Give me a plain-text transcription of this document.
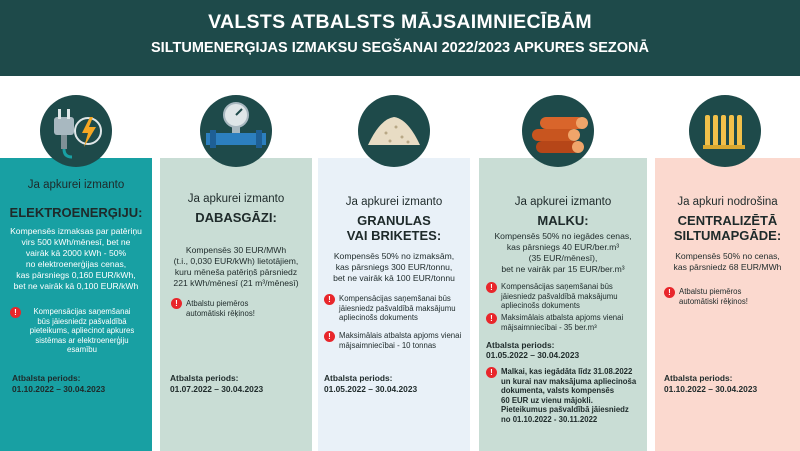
VALSTS ATBALSTS MĀJSAIMNIECĪBĀM
SILTUMENERĢIJAS IZMAKSU SEGŠANAI 2022/2023 APKURES SEZONĀ
Ja apkurei izmanto
ELEKTROENERĢIJU:
Kompensēs izmaksas par patēriņu
virs 500 kWh/mēnesī, bet ne
vairāk kā 2000 kWh - 50%
no elektroenerģijas cenas,
kas pārsniegs 0,160 EUR/kWh,
bet ne vairāk kā 0,100 EUR/kWh
!	Kompensācijas saņemšanai
būs jāiesniedz pašvaldībā
pieteikums, apliecinot apkures
sistēmas ar elektroenerģiju
esamību
Atbalsta periods:
01.10.2022 – 30.04.2023
Ja apkurei izmanto
DABASGĀZI:
Kompensēs 30 EUR/MWh
(t.i., 0,030 EUR/kWh) lietotājiem,
kuru mēneša patēriņš pārsniedz
221 kWh/mēnesī (21 m³/mēnesī)
!	Atbalstu piemēros
automātiski rēķinos!
Atbalsta periods:
01.07.2022 – 30.04.2023
Ja apkurei izmanto
GRANULAS
VAI BRIKETES:
Kompensēs 50% no izmaksām,
kas pārsniegs 300 EUR/tonnu,
bet ne vairāk kā 100 EUR/tonnu
!	Kompensācijas saņemšanai būs
jāiesniedz pašvaldībā maksājumu
apliecinošs dokuments
!	Maksimālais atbalsta apjoms vienai
mājsaimniecībai - 10 tonnas
Atbalsta periods:
01.05.2022 – 30.04.2023
Ja apkurei izmanto
MALKU:
Kompensēs 50% no iegādes cenas,
kas pārsniegs 40 EUR/ber.m³
(35 EUR/mēnesī),
bet ne vairāk par 15 EUR/ber.m³
!	Kompensācijas saņemšanai būs
jāiesniedz pašvaldībā maksājumu
apliecinošs dokuments
!	Maksimālais atbalsta apjoms vienai
mājsaimniecībai - 35 ber.m³
Atbalsta periods:
01.05.2022 – 30.04.2023
!	Malkai, kas iegādāta līdz 31.08.2022
un kurai nav maksājuma apliecinoša
dokumenta, valsts kompensēs
60 EUR uz vienu mājokli.
Pieteikumus pašvaldībā jāiesniedz
no 01.10.2022 - 30.11.2022
Ja apkuri nodrošina
CENTRALIZĒTĀ
SILTUMAPGĀDE:
Kompensēs 50% no cenas,
kas pārsniedz 68 EUR/MWh
!	Atbalstu piemēros
automātiski rēķinos!
Atbalsta periods:
01.10.2022 – 30.04.2023
